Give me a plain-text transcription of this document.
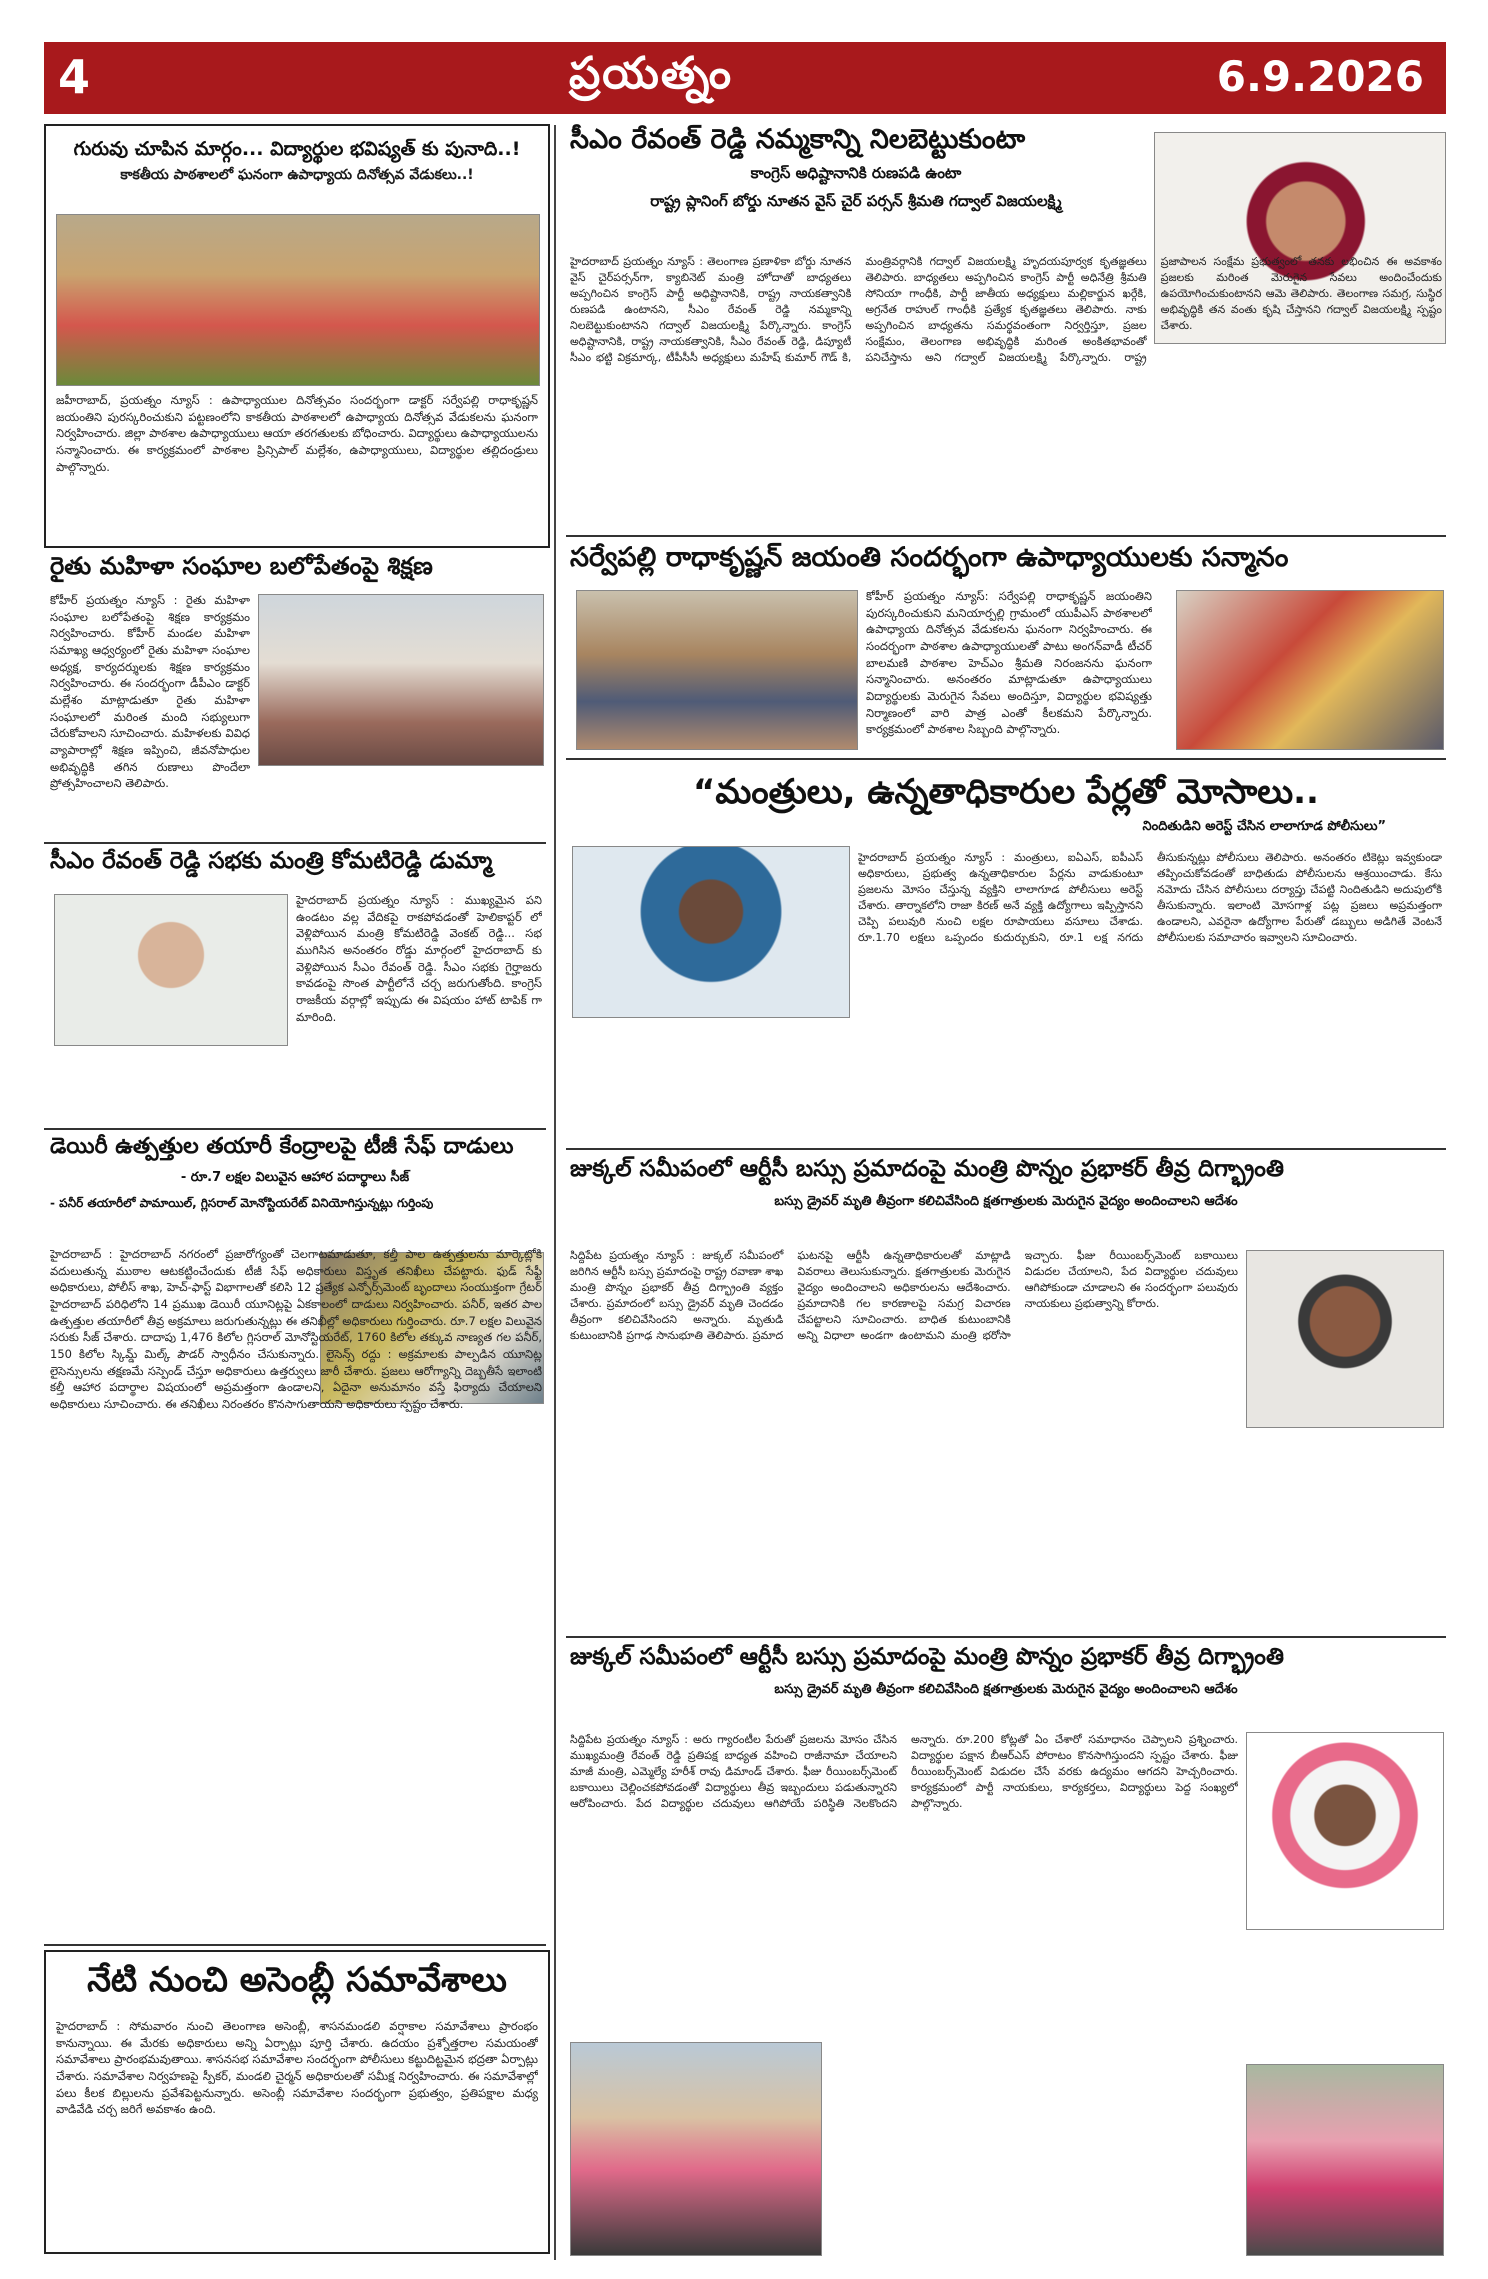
4	ప్రయత్నం	6.9.2026
గురువు చూపిన మార్గం... విద్యార్థుల భవిష్యత్ కు పునాది..!
కాకతీయ పాఠశాలలో ఘనంగా ఉపాధ్యాయ దినోత్సవ వేడుకలు..!
జహీరాబాద్, ప్రయత్నం న్యూస్ : ఉపాధ్యాయుల దినోత్సవం సందర్భంగా డాక్టర్ సర్వేపల్లి రాధాకృష్ణన్ జయంతిని పురస్కరించుకుని పట్టణంలోని కాకతీయ పాఠశాలలో ఉపాధ్యాయ దినోత్సవ వేడుకలను ఘనంగా నిర్వహించారు. జిల్లా పాఠశాల ఉపాధ్యాయులు ఆయా తరగతులకు బోధించారు. విద్యార్థులు ఉపాధ్యాయులను సన్మానించారు. ఈ కార్యక్రమంలో పాఠశాల ప్రిన్సిపాల్ మల్లేశం, ఉపాధ్యాయులు, విద్యార్థుల తల్లిదండ్రులు పాల్గొన్నారు.
రైతు మహిళా సంఘాల బలోపేతంపై శిక్షణ
కోహీర్ ప్రయత్నం న్యూస్ : రైతు మహిళా సంఘాల బలోపేతంపై శిక్షణ కార్యక్రమం నిర్వహించారు. కోహీర్ మండల మహిళా సమాఖ్య ఆధ్వర్యంలో రైతు మహిళా సంఘాల అధ్యక్ష, కార్యదర్శులకు శిక్షణ కార్యక్రమం నిర్వహించారు. ఈ సందర్భంగా డీపీఎం డాక్టర్ మల్లేశం మాట్లాడుతూ రైతు మహిళా సంఘాలలో మరింత మంది సభ్యులుగా చేరుకోవాలని సూచించారు. మహిళలకు వివిధ వ్యాపారాల్లో శిక్షణ ఇప్పించి, జీవనోపాధుల అభివృద్ధికి తగిన రుణాలు పొందేలా ప్రోత్సహించాలని తెలిపారు.
సీఎం రేవంత్ రెడ్డి సభకు మంత్రి కోమటిరెడ్డి డుమ్మా
హైదరాబాద్ ప్రయత్నం న్యూస్ : ముఖ్యమైన పని ఉండటం వల్ల వేదికపై రాకపోవడంతో హెలికాప్టర్ లో వెళ్లిపోయిన మంత్రి కోమటిరెడ్డి వెంకట్ రెడ్డి... సభ ముగిసిన అనంతరం రోడ్డు మార్గంలో హైదరాబాద్ కు వెళ్లిపోయిన సీఎం రేవంత్ రెడ్డి. సీఎం సభకు గైర్హాజరు కావడంపై సొంత పార్టీలోనే చర్చ జరుగుతోంది. కాంగ్రెస్ రాజకీయ వర్గాల్లో ఇప్పుడు ఈ విషయం హాట్ టాపిక్ గా మారింది.
డెయిరీ ఉత్పత్తుల తయారీ కేంద్రాలపై టీజీ సేఫ్ దాడులు
- రూ.7 లక్షల విలువైన ఆహార పదార్థాలు సీజ్
- పనీర్ తయారీలో పామాయిల్, గ్లిసరాల్ మోనోస్టియరేట్ వినియోగిస్తున్నట్లు గుర్తింపు
హైదరాబాద్ : హైదరాబాద్ నగరంలో ప్రజారోగ్యంతో చెలగాటమాడుతూ, కల్తీ పాల ఉత్పత్తులను మార్కెట్లోకి వదులుతున్న ముఠాల ఆటకట్టించేందుకు టీజీ సేఫ్ అధికారులు విస్తృత తనిఖీలు చేపట్టారు. ఫుడ్ సేఫ్టీ అధికారులు, పోలీస్ శాఖ, హెచ్-ఫాస్ట్ విభాగాలతో కలిసి 12 ప్రత్యేక ఎన్ఫోర్స్‌మెంట్ బృందాలు సంయుక్తంగా గ్రేటర్ హైదరాబాద్ పరిధిలోని 14 ప్రముఖ డెయిరీ యూనిట్లపై ఏకకాలంలో దాడులు నిర్వహించారు. పనీర్, ఇతర పాల ఉత్పత్తుల తయారీలో తీవ్ర అక్రమాలు జరుగుతున్నట్లు ఈ తనిఖీల్లో అధికారులు గుర్తించారు. రూ.7 లక్షల విలువైన సరుకు సీజ్ చేశారు. దాదాపు 1,476 కిలోల గ్లిసరాల్ మోనోస్టియరేట్, 1760 కిలోల తక్కువ నాణ్యత గల పనీర్, 150 కిలోల స్కిమ్డ్ మిల్క్ పౌడర్ స్వాధీనం చేసుకున్నారు. లైసెన్స్ రద్దు : అక్రమాలకు పాల్పడిన యూనిట్ల లైసెన్సులను తక్షణమే సస్పెండ్ చేస్తూ అధికారులు ఉత్తర్వులు జారీ చేశారు. ప్రజలు ఆరోగ్యాన్ని దెబ్బతీసే ఇలాంటి కల్తీ ఆహార పదార్థాల విషయంలో అప్రమత్తంగా ఉండాలని, ఏదైనా అనుమానం వస్తే ఫిర్యాదు చేయాలని అధికారులు సూచించారు. ఈ తనిఖీలు నిరంతరం కొనసాగుతాయని అధికారులు స్పష్టం చేశారు.
నేటి నుంచి అసెంబ్లీ సమావేశాలు
హైదరాబాద్ : సోమవారం నుంచి తెలంగాణ అసెంబ్లీ, శాసనమండలి వర్షాకాల సమావేశాలు ప్రారంభం కానున్నాయి. ఈ మేరకు అధికారులు అన్ని ఏర్పాట్లు పూర్తి చేశారు. ఉదయం ప్రశ్నోత్తరాల సమయంతో సమావేశాలు ప్రారంభమవుతాయి. శాసనసభ సమావేశాల సందర్భంగా పోలీసులు కట్టుదిట్టమైన భద్రతా ఏర్పాట్లు చేశారు. సమావేశాల నిర్వహణపై స్పీకర్, మండలి చైర్మన్ అధికారులతో సమీక్ష నిర్వహించారు. ఈ సమావేశాల్లో పలు కీలక బిల్లులను ప్రవేశపెట్టనున్నారు. అసెంబ్లీ సమావేశాల సందర్భంగా ప్రభుత్వం, ప్రతిపక్షాల మధ్య వాడివేడి చర్చ జరిగే అవకాశం ఉంది.
సీఎం రేవంత్ రెడ్డి నమ్మకాన్ని నిలబెట్టుకుంటా
కాంగ్రెస్ అధిష్టానానికి రుణపడి ఉంటా
రాష్ట్ర ప్లానింగ్ బోర్డు నూతన వైస్ చైర్ పర్సన్ శ్రీమతి గద్వాల్ విజయలక్ష్మి
హైదరాబాద్ ప్రయత్నం న్యూస్ : తెలంగాణ ప్రణాళికా బోర్డు నూతన వైస్ చైర్‌పర్సన్‌గా, క్యాబినెట్ మంత్రి హోదాతో బాధ్యతలు అప్పగించిన కాంగ్రెస్ పార్టీ అధిష్టానానికి, రాష్ట్ర నాయకత్వానికి రుణపడి ఉంటానని, సీఎం రేవంత్ రెడ్డి నమ్మకాన్ని నిలబెట్టుకుంటానని గద్వాల్ విజయలక్ష్మి పేర్కొన్నారు. కాంగ్రెస్ అధిష్టానానికి, రాష్ట్ర నాయకత్వానికి, సీఎం రేవంత్ రెడ్డి, డిప్యూటీ సీఎం భట్టి విక్రమార్క, టీపీసీసీ అధ్యక్షులు మహేష్ కుమార్ గౌడ్ కి, మంత్రివర్గానికి గద్వాల్ విజయలక్ష్మి హృదయపూర్వక కృతజ్ఞతలు తెలిపారు. బాధ్యతలు అప్పగించిన కాంగ్రెస్ పార్టీ అధినేత్రి శ్రీమతి సోనియా గాంధీకి, పార్టీ జాతీయ అధ్యక్షులు మల్లికార్జున ఖర్గేకి, అగ్రనేత రాహుల్ గాంధీకి ప్రత్యేక కృతజ్ఞతలు తెలిపారు. నాకు అప్పగించిన బాధ్యతను సమర్థవంతంగా నిర్వర్తిస్తూ, ప్రజల సంక్షేమం, తెలంగాణ అభివృద్ధికి మరింత అంకితభావంతో పనిచేస్తాను అని గద్వాల్ విజయలక్ష్మి పేర్కొన్నారు. రాష్ట్ర ప్రజాపాలన సంక్షేమ ప్రభుత్వంలో తనకు లభించిన ఈ అవకాశం ప్రజలకు మరింత మెరుగైన సేవలు అందించేందుకు ఉపయోగించుకుంటానని ఆమె తెలిపారు. తెలంగాణ సమగ్ర, సుస్థిర అభివృద్ధికి తన వంతు కృషి చేస్తానని గద్వాల్ విజయలక్ష్మి స్పష్టం చేశారు.
సర్వేపల్లి రాధాకృష్ణన్ జయంతి సందర్భంగా ఉపాధ్యాయులకు సన్మానం
కోహీర్ ప్రయత్నం న్యూస్: సర్వేపల్లి రాధాకృష్ణన్ జయంతిని పురస్కరించుకుని మనియార్పల్లి గ్రామంలో యుపీఎస్ పాఠశాలలో ఉపాధ్యాయ దినోత్సవ వేడుకలను ఘనంగా నిర్వహించారు. ఈ సందర్భంగా పాఠశాల ఉపాధ్యాయులతో పాటు అంగన్‌వాడీ టీచర్ బాలమణి పాఠశాల హెచ్ఎం శ్రీమతి నిరంజనను ఘనంగా సన్మానించారు. అనంతరం మాట్లాడుతూ ఉపాధ్యాయులు విద్యార్థులకు మెరుగైన సేవలు అందిస్తూ, విద్యార్థుల భవిష్యత్తు నిర్మాణంలో వారి పాత్ర ఎంతో కీలకమని పేర్కొన్నారు. కార్యక్రమంలో పాఠశాల సిబ్బంది పాల్గొన్నారు.
“మంత్రులు, ఉన్నతాధికారుల పేర్లతో మోసాలు..
నిందితుడిని అరెస్ట్ చేసిన లాలాగూడ పోలీసులు”
హైదరాబాద్ ప్రయత్నం న్యూస్ : మంత్రులు, ఐఏఎస్, ఐపీఎస్ అధికారులు, ప్రభుత్వ ఉన్నతాధికారుల పేర్లను వాడుకుంటూ ప్రజలను మోసం చేస్తున్న వ్యక్తిని లాలాగూడ పోలీసులు అరెస్ట్ చేశారు. తార్నాకలోని రాజా కిరణ్ అనే వ్యక్తి ఉద్యోగాలు ఇప్పిస్తానని చెప్పి పలువురి నుంచి లక్షల రూపాయలు వసూలు చేశాడు. రూ.1.70 లక్షలు ఒప్పందం కుదుర్చుకుని, రూ.1 లక్ష నగదు తీసుకున్నట్లు పోలీసులు తెలిపారు. అనంతరం టికెట్లు ఇవ్వకుండా తప్పించుకోవడంతో బాధితుడు పోలీసులను ఆశ్రయించాడు. కేసు నమోదు చేసిన పోలీసులు దర్యాప్తు చేపట్టి నిందితుడిని అదుపులోకి తీసుకున్నారు. ఇలాంటి మోసగాళ్ల పట్ల ప్రజలు అప్రమత్తంగా ఉండాలని, ఎవరైనా ఉద్యోగాల పేరుతో డబ్బులు అడిగితే వెంటనే పోలీసులకు సమాచారం ఇవ్వాలని సూచించారు.
జుక్కల్ సమీపంలో ఆర్టీసీ బస్సు ప్రమాదంపై మంత్రి పొన్నం ప్రభాకర్ తీవ్ర దిగ్భ్రాంతి
బస్సు డ్రైవర్ మృతి తీవ్రంగా కలిచివేసింది క్షతగాత్రులకు మెరుగైన వైద్యం అందించాలని ఆదేశం
సిద్దిపేట ప్రయత్నం న్యూస్ : జుక్కల్ సమీపంలో జరిగిన ఆర్టీసీ బస్సు ప్రమాదంపై రాష్ట్ర రవాణా శాఖ మంత్రి పొన్నం ప్రభాకర్ తీవ్ర దిగ్భ్రాంతి వ్యక్తం చేశారు. ప్రమాదంలో బస్సు డ్రైవర్ మృతి చెందడం తీవ్రంగా కలిచివేసిందని అన్నారు. మృతుడి కుటుంబానికి ప్రగాఢ సానుభూతి తెలిపారు. ప్రమాద ఘటనపై ఆర్టీసీ ఉన్నతాధికారులతో మాట్లాడి వివరాలు తెలుసుకున్నారు. క్షతగాత్రులకు మెరుగైన వైద్యం అందించాలని అధికారులను ఆదేశించారు. ప్రమాదానికి గల కారణాలపై సమగ్ర విచారణ చేపట్టాలని సూచించారు. బాధిత కుటుంబానికి అన్ని విధాలా అండగా ఉంటామని మంత్రి భరోసా ఇచ్చారు. ఫీజు రీయింబర్స్‌మెంట్ బకాయిలు విడుదల చేయాలని, పేద విద్యార్థుల చదువులు ఆగిపోకుండా చూడాలని ఈ సందర్భంగా పలువురు నాయకులు ప్రభుత్వాన్ని కోరారు.
జుక్కల్ సమీపంలో ఆర్టీసీ బస్సు ప్రమాదంపై మంత్రి పొన్నం ప్రభాకర్ తీవ్ర దిగ్భ్రాంతి
బస్సు డ్రైవర్ మృతి తీవ్రంగా కలిచివేసింది క్షతగాత్రులకు మెరుగైన వైద్యం అందించాలని ఆదేశం
సిద్దిపేట ప్రయత్నం న్యూస్ : అరు గ్యారంటీల పేరుతో ప్రజలను మోసం చేసిన ముఖ్యమంత్రి రేవంత్ రెడ్డి ప్రతిపక్ష బాధ్యత వహించి రాజీనామా చేయాలని మాజీ మంత్రి, ఎమ్మెల్యే హరీశ్ రావు డిమాండ్ చేశారు. ఫీజు రీయింబర్స్‌మెంట్ బకాయిలు చెల్లించకపోవడంతో విద్యార్థులు తీవ్ర ఇబ్బందులు పడుతున్నారని ఆరోపించారు. పేద విద్యార్థుల చదువులు ఆగిపోయే పరిస్థితి నెలకొందని అన్నారు. రూ.200 కోట్లతో ఏం చేశారో సమాధానం చెప్పాలని ప్రశ్నించారు. విద్యార్థుల పక్షాన బీఆర్ఎస్ పోరాటం కొనసాగిస్తుందని స్పష్టం చేశారు. ఫీజు రీయింబర్స్‌మెంట్ విడుదల చేసే వరకు ఉద్యమం ఆగదని హెచ్చరించారు. కార్యక్రమంలో పార్టీ నాయకులు, కార్యకర్తలు, విద్యార్థులు పెద్ద సంఖ్యలో పాల్గొన్నారు.
